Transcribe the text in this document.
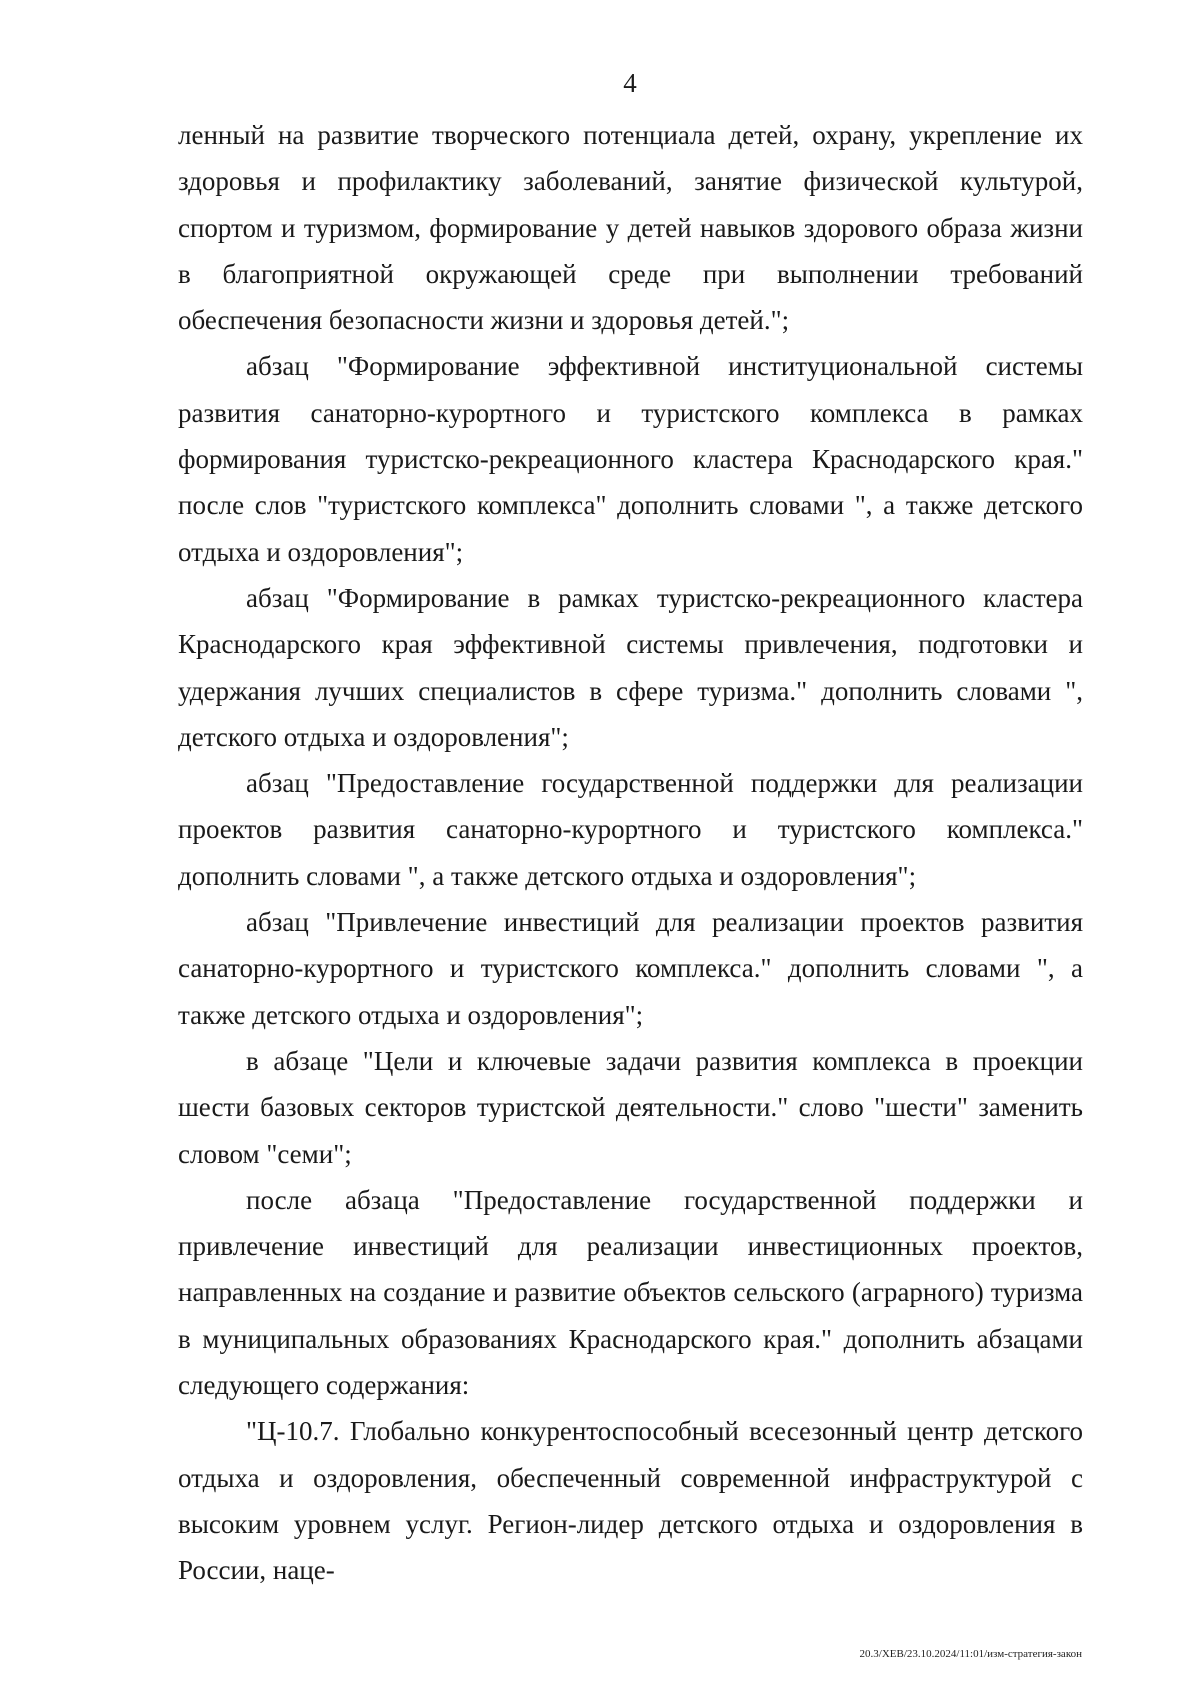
4

ленный на развитие творческого потенциала детей, охрану, укрепление их здоровья и профилактику заболеваний, занятие физической культурой, спортом и туризмом, формирование у детей навыков здорового образа жизни в благоприятной окружающей среде при выполнении требований обеспечения безопасности жизни и здоровья детей.";

абзац "Формирование эффективной институциональной системы развития санаторно-курортного и туристского комплекса в рамках формирования туристско-рекреационного кластера Краснодарского края." после слов "туристского комплекса" дополнить словами ", а также детского отдыха и оздоровления";

абзац "Формирование в рамках туристско-рекреационного кластера Краснодарского края эффективной системы привлечения, подготовки и удержания лучших специалистов в сфере туризма." дополнить словами ", детского отдыха и оздоровления";

абзац "Предоставление государственной поддержки для реализации проектов развития санаторно-курортного и туристского комплекса." дополнить словами ", а также детского отдыха и оздоровления";

абзац "Привлечение инвестиций для реализации проектов развития санаторно-курортного и туристского комплекса." дополнить словами ", а также детского отдыха и оздоровления";

в абзаце "Цели и ключевые задачи развития комплекса в проекции шести базовых секторов туристской деятельности." слово "шести" заменить словом "семи";

после абзаца "Предоставление государственной поддержки и привлечение инвестиций для реализации инвестиционных проектов, направленных на создание и развитие объектов сельского (аграрного) туризма в муниципальных образованиях Краснодарского края." дополнить абзацами следующего содержания:

"Ц-10.7. Глобально конкурентоспособный всесезонный центр детского отдыха и оздоровления, обеспеченный современной инфраструктурой с высоким уровнем услуг. Регион-лидер детского отдыха и оздоровления в России, наце-

20.3/ХЕВ/23.10.2024/11:01/изм-стратегия-закон
